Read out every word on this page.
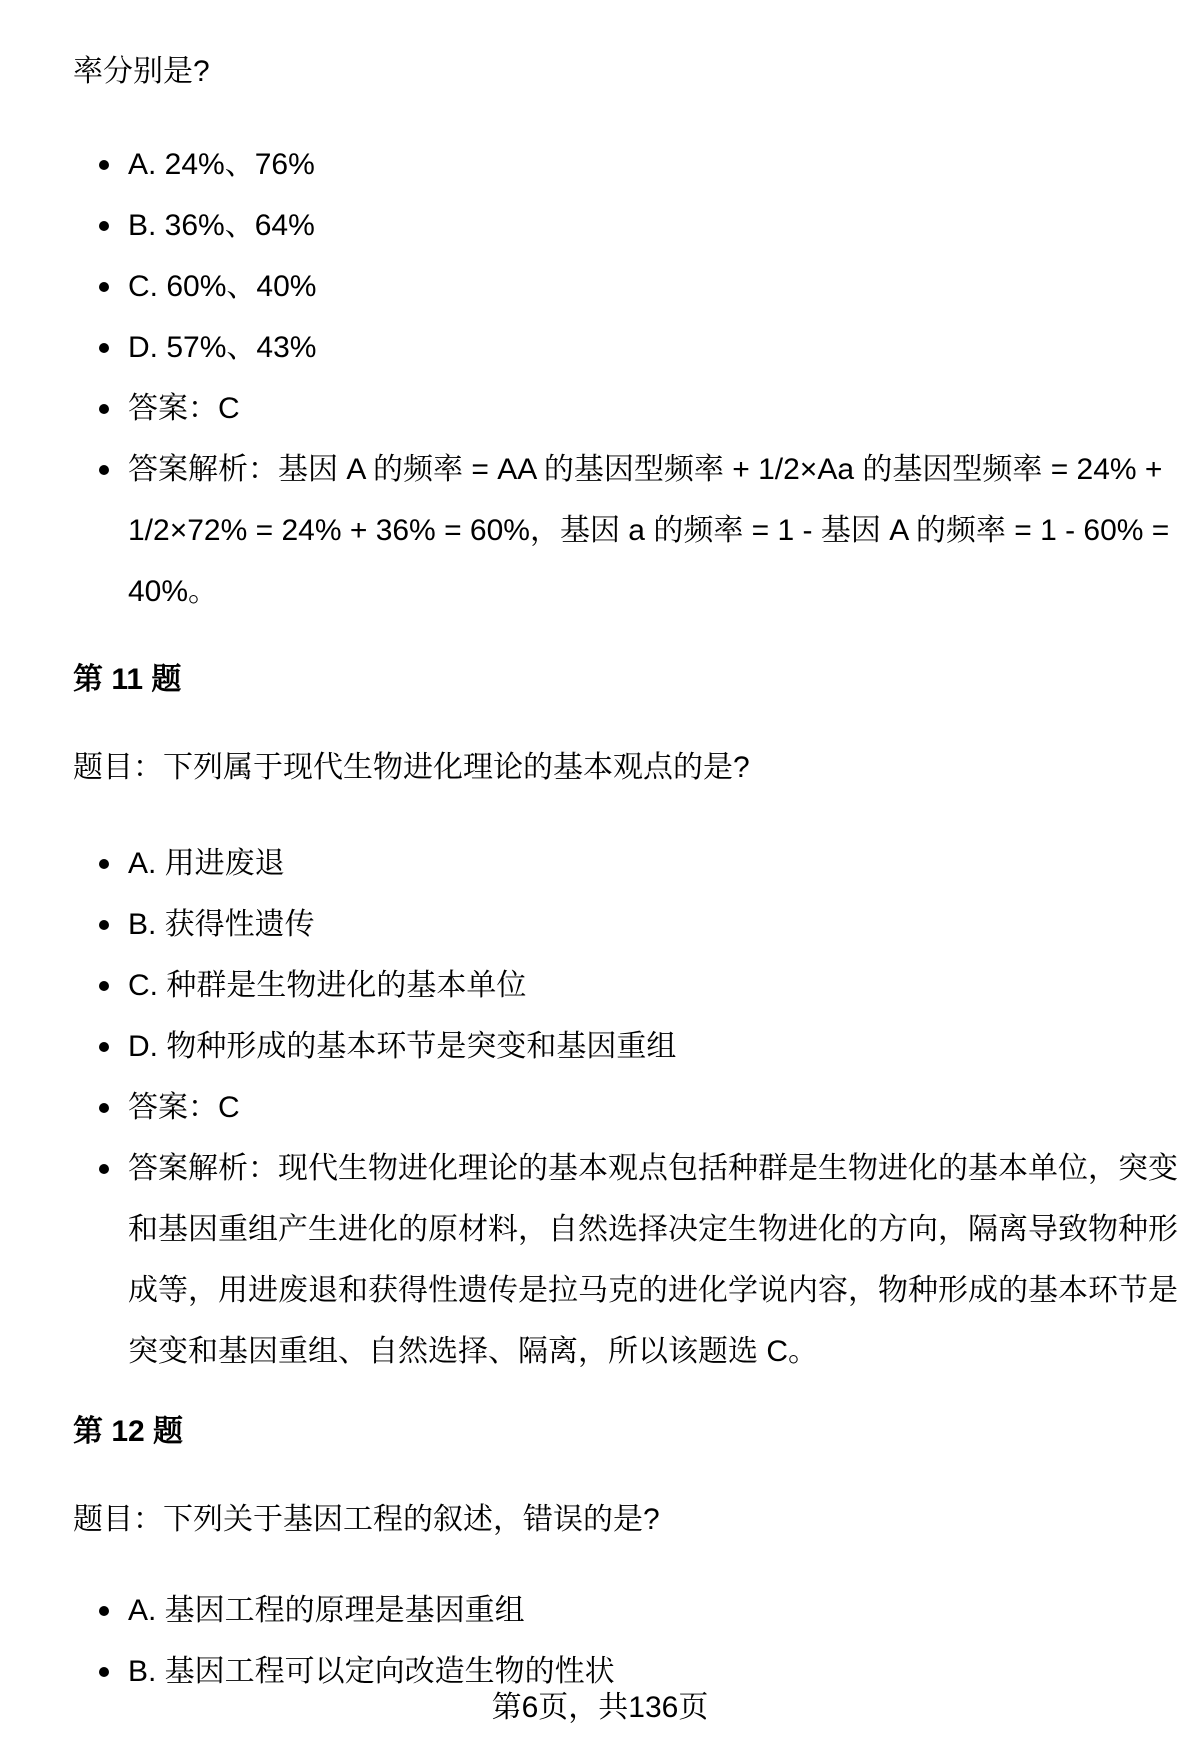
率分别是?

A. 24%、76%
B. 36%、64%
C. 60%、40%
D. 57%、43%
答案：C
答案解析：基因 A 的频率 = AA 的基因型频率 + 1/2×Aa 的基因型频率 = 24% + 1/2×72% = 24% + 36% = 60%，基因 a 的频率 = 1 - 基因 A 的频率 = 1 - 60% = 40%。
第 11 题

题目：下列属于现代生物进化理论的基本观点的是?

A. 用进废退
B. 获得性遗传
C. 种群是生物进化的基本单位
D. 物种形成的基本环节是突变和基因重组
答案：C
答案解析：现代生物进化理论的基本观点包括种群是生物进化的基本单位，突变和基因重组产生进化的原材料，自然选择决定生物进化的方向，隔离导致物种形成等，用进废退和获得性遗传是拉马克的进化学说内容，物种形成的基本环节是突变和基因重组、自然选择、隔离，所以该题选 C。
第 12 题

题目：下列关于基因工程的叙述，错误的是?

A. 基因工程的原理是基因重组
B. 基因工程可以定向改造生物的性状
第6页，共136页
